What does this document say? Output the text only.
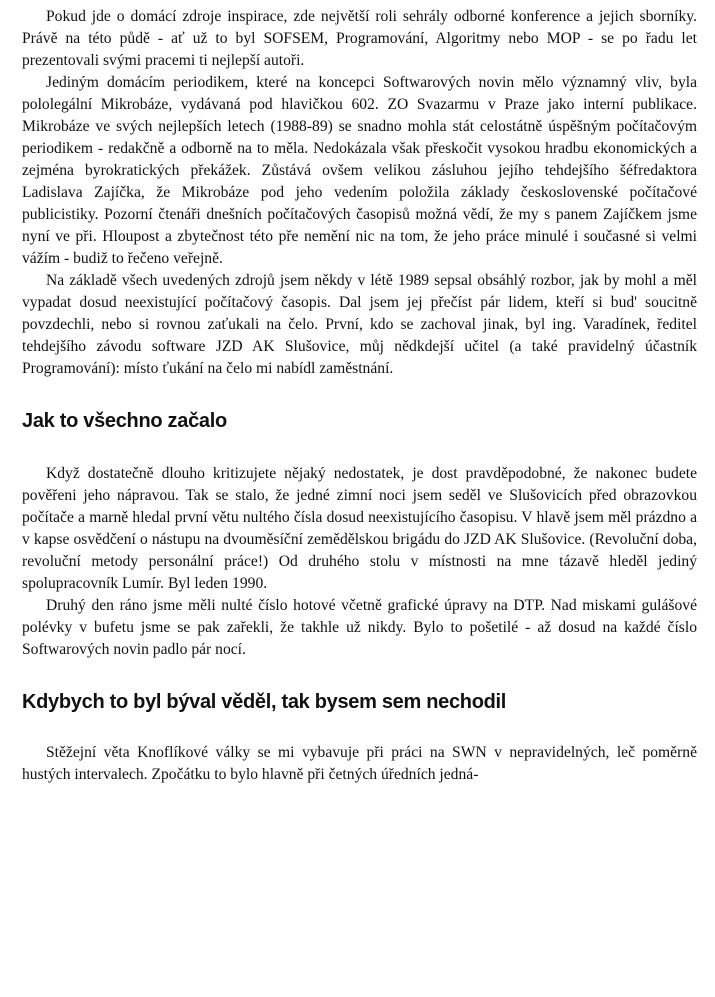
Pokud jde o domácí zdroje inspirace, zde největší roli sehrály odborné konference a jejich sborníky. Právě na této půdě - ať už to byl SOFSEM, Programování, Algoritmy nebo MOP - se po řadu let prezentovali svými pracemi ti nejlepší autoři.

Jediným domácím periodikem, které na koncepci Softwarových novin mělo významný vliv, byla pololegální Mikrobáze, vydávaná pod hlavičkou 602. ZO Svazarmu v Praze jako interní publikace. Mikrobáze ve svých nejlepších letech (1988-89) se snadno mohla stát celostátně úspěšným počítačovým periodikem - redakčně a odborně na to měla. Nedokázala však přeskočit vysokou hradbu ekonomických a zejména byrokratických překážek. Zůstává ovšem velikou zásluhou jejího tehdejšího šéfredaktora Ladislava Zajíčka, že Mikrobáze pod jeho vedením položila základy československé počítačové publicistiky. Pozorní čtenáři dnešních počítačových časopisů možná vědí, že my s panem Zajíčkem jsme nyní ve při. Hloupost a zbytečnost této pře nemění nic na tom, že jeho práce minulé i současné si velmi vážím - budiž to řečeno veřejně.

Na základě všech uvedených zdrojů jsem někdy v létě 1989 sepsal obsáhlý rozbor, jak by mohl a měl vypadat dosud neexistující počítačový časopis. Dal jsem jej přečíst pár lidem, kteří si bud' soucitně povzdechli, nebo si rovnou zaťukali na čelo. První, kdo se zachoval jinak, byl ing. Varadínek, ředitel tehdejšího závodu software JZD AK Slušovice, můj nědkdejší učitel (a také pravidelný účastník Programování): místo ťukání na čelo mi nabídl zaměstnání.

Jak to všechno začalo

Když dostatečně dlouho kritizujete nějaký nedostatek, je dost pravděpodobné, že nakonec budete pověřeni jeho nápravou. Tak se stalo, že jedné zimní noci jsem seděl ve Slušovicích před obrazovkou počítače a marně hledal první větu nultého čísla dosud neexistujícího časopisu. V hlavě jsem měl prázdno a v kapse osvědčení o nástupu na dvouměsíční zemědělskou brigádu do JZD AK Slušovice. (Revoluční doba, revoluční metody personální práce!) Od druhého stolu v místnosti na mne tázavě hleděl jediný spolupracovník Lumír. Byl leden 1990.

Druhý den ráno jsme měli nulté číslo hotové včetně grafické úpravy na DTP. Nad miskami gulášové polévky v bufetu jsme se pak zařekli, že takhle už nikdy. Bylo to pošetilé - až dosud na každé číslo Softwarových novin padlo pár nocí.

Kdybych to byl býval věděl, tak bysem sem nechodil

Stěžejní věta Knoflíkové války se mi vybavuje při práci na SWN v nepravidelných, leč poměrně hustých intervalech. Zpočátku to bylo hlavně při četných úředních jedná-
